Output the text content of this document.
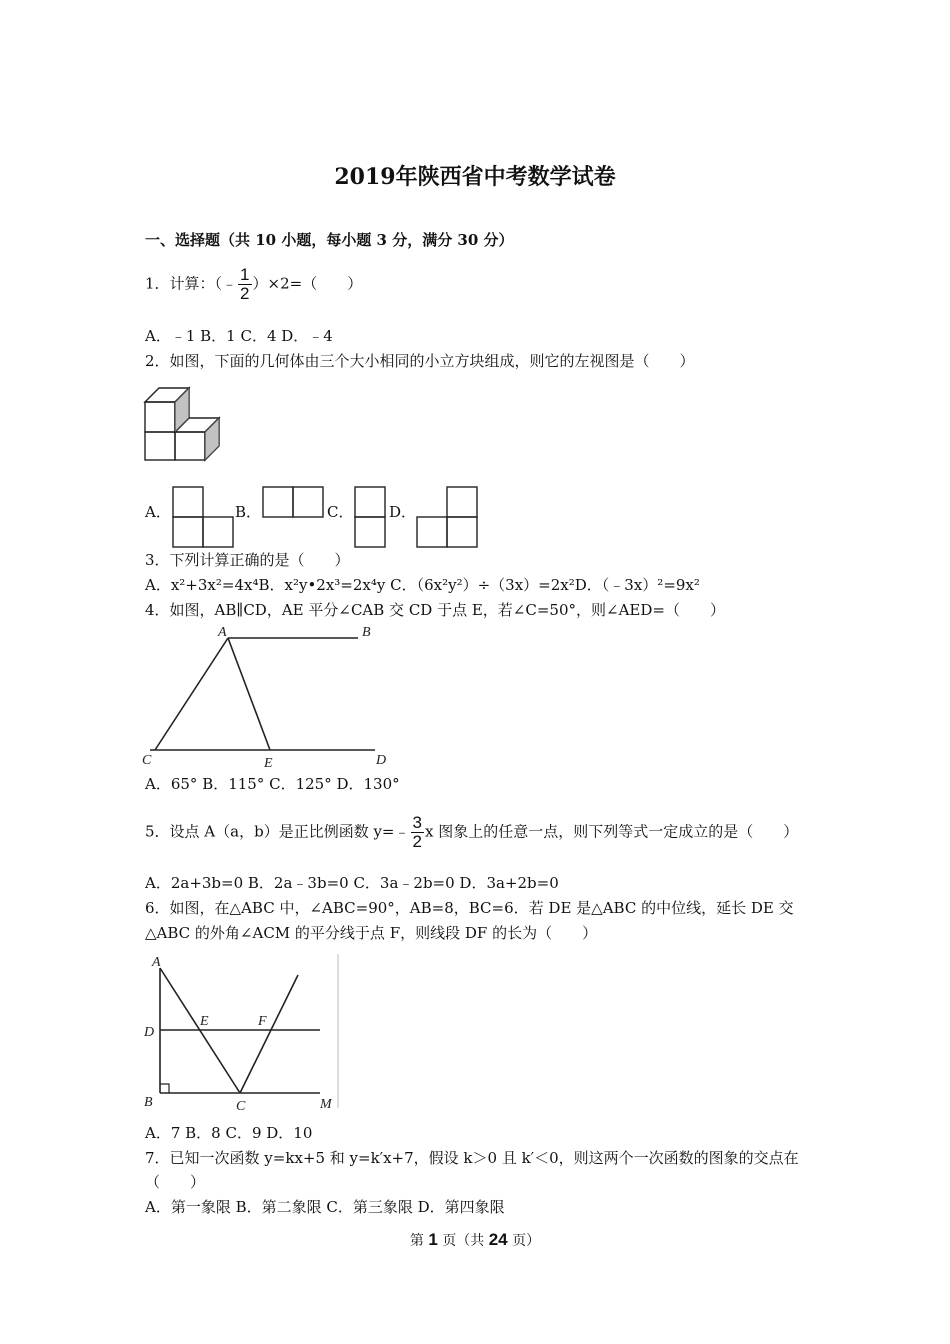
2019年陕西省中考数学试卷
一、选择题（共 10 小题，每小题 3 分，满分 30 分）
1．计算：（﹣ $\frac{1}{2} )\times 2=$（　　）
A．﹣1 B．1 C．4 D．﹣4
2．如图，下面的几何体由三个大小相同的小立方块组成，则它的左视图是（　　）
A．	B．	C． D．
3．下列计算正确的是（　　）
A．x²+3x²=4x⁴B．x²y•2x³=2x⁴y C．（6x²y²）÷（3x）=2x²D．（﹣3x）²=9x²
4．如图，AB∥CD，AE 平分∠CAB 交 CD 于点 E，若∠C=50°，则∠AED=（　　）
A	B
C	D
E
A．65° B．115° C．125° D．130°
5．设点 A（a，b）是正比例函数 y=﹣ $\frac{3}{2}$ x 图象上的任意一点，则下列等式一定成立的是（　　）
A．2a+3b=0 B．2a﹣3b=0 C．3a﹣2b=0 D．3a+2b=0
6．如图，在△ABC 中，∠ABC=90°，AB=8，BC=6．若 DE 是△ABC 的中位线，延长 DE 交
△ABC 的外角∠ACM 的平分线于点 F，则线段 DF 的长为（　　）
A
D
E	F
B	C	M
A．7 B．8 C．9 D．10
7．已知一次函数 y=kx+5 和 y=k′x+7，假设 k＞0 且 k′＜0，则这两个一次函数的图象的交点在
（　　）
A．第一象限 B．第二象限 C．第三象限 D．第四象限
第 1 页（共 24 页）
